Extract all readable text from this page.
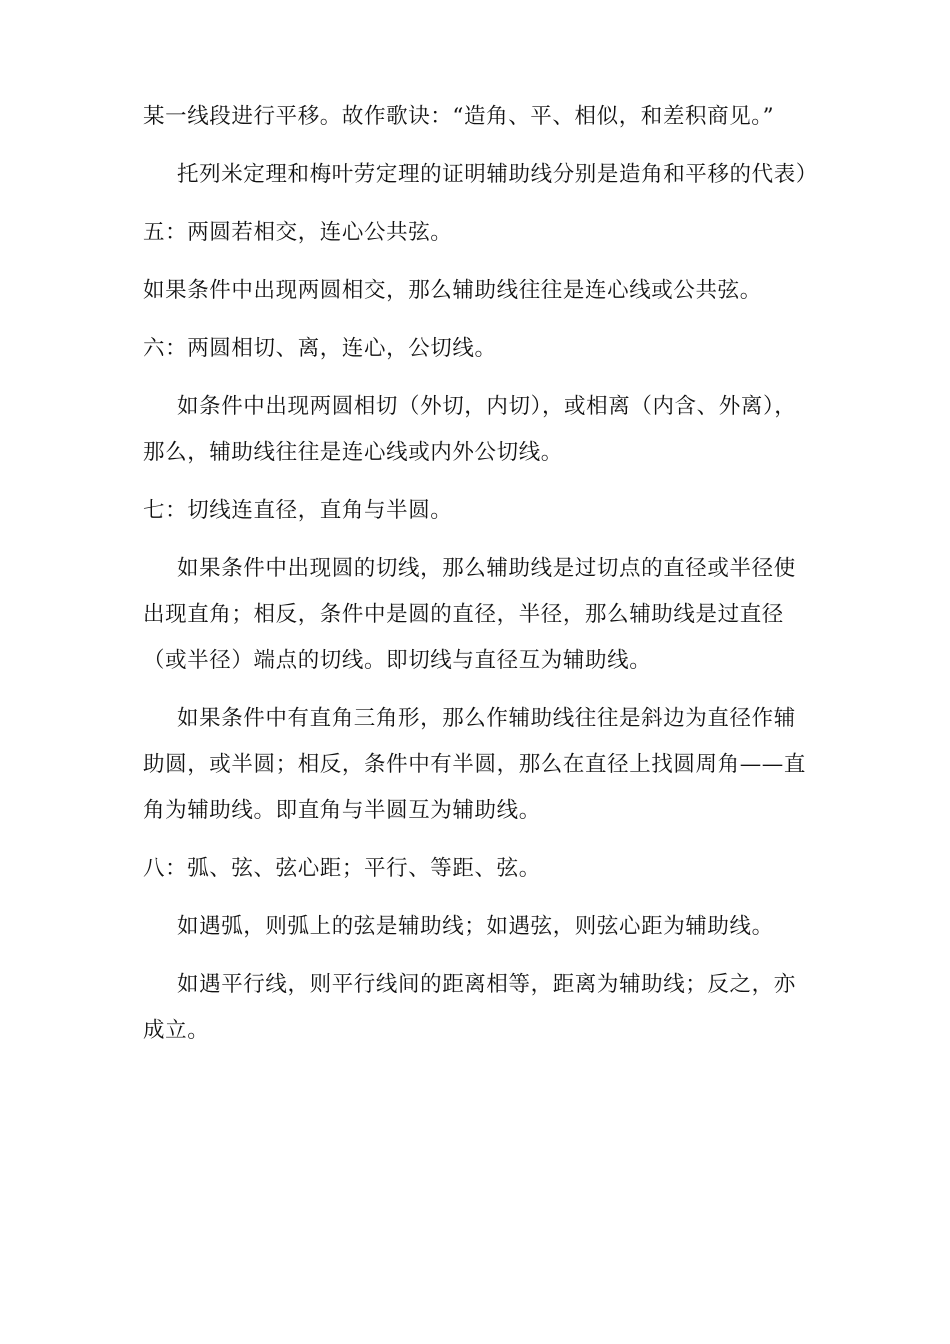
某一线段进行平移。故作歌诀：“造角、平、相似，和差积商见。”

托列米定理和梅叶劳定理的证明辅助线分别是造角和平移的代表）

五：两圆若相交，连心公共弦。

如果条件中出现两圆相交，那么辅助线往往是连心线或公共弦。

六：两圆相切、离，连心，公切线。

如条件中出现两圆相切（外切，内切），或相离（内含、外离），那么，辅助线往往是连心线或内外公切线。

七：切线连直径，直角与半圆。

如果条件中出现圆的切线，那么辅助线是过切点的直径或半径使出现直角；相反，条件中是圆的直径，半径，那么辅助线是过直径（或半径）端点的切线。即切线与直径互为辅助线。

如果条件中有直角三角形，那么作辅助线往往是斜边为直径作辅助圆，或半圆；相反，条件中有半圆，那么在直径上找圆周角——直角为辅助线。即直角与半圆互为辅助线。

八：弧、弦、弦心距；平行、等距、弦。

如遇弧，则弧上的弦是辅助线；如遇弦，则弦心距为辅助线。

如遇平行线，则平行线间的距离相等，距离为辅助线；反之，亦成立。
